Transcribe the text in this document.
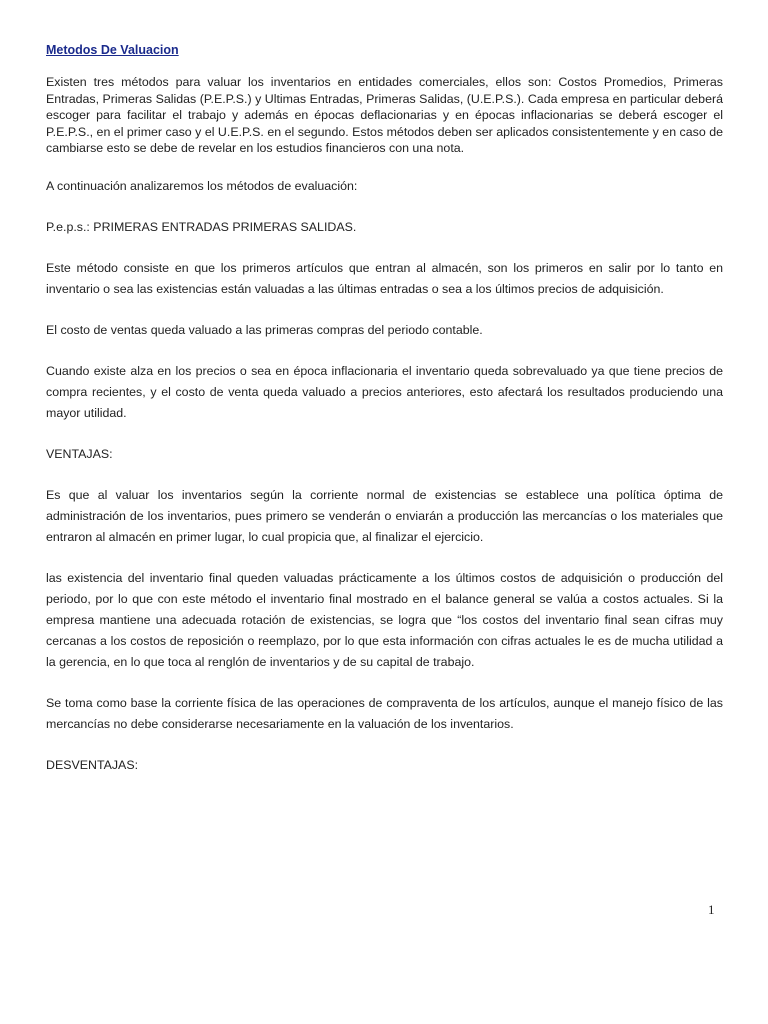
Metodos De Valuacion

Existen tres métodos para valuar los inventarios en entidades comerciales, ellos son: Costos Promedios, Primeras Entradas, Primeras Salidas (P.E.P.S.) y Ultimas Entradas, Primeras Salidas, (U.E.P.S.). Cada empresa en particular deberá escoger para facilitar el trabajo y además en épocas deflacionarias y en épocas inflacionarias se deberá escoger el P.E.P.S., en el primer caso y el U.E.P.S. en el segundo. Estos métodos deben ser aplicados consistentemente y en caso de cambiarse esto se debe de revelar en los estudios financieros con una nota.

A continuación analizaremos los métodos de evaluación:

P.e.p.s.: PRIMERAS ENTRADAS PRIMERAS SALIDAS.

Este método consiste en que los primeros artículos que entran al almacén, son los primeros en salir por lo tanto en inventario o sea las existencias están valuadas a las últimas entradas o sea a los últimos precios de adquisición.

El costo de ventas queda valuado a las primeras compras del periodo contable.

Cuando existe alza en los precios o sea en época inflacionaria el inventario queda sobrevaluado ya que tiene precios de compra recientes, y el costo de venta queda valuado a precios anteriores, esto afectará los resultados produciendo una mayor utilidad.

VENTAJAS:

Es que al valuar los inventarios según la corriente normal de existencias se establece una política óptima de administración de los inventarios, pues primero se venderán o enviarán a producción las mercancías o los materiales que entraron al almacén en primer lugar, lo cual propicia que, al finalizar el ejercicio.

las existencia del inventario final queden valuadas prácticamente a los últimos costos de adquisición o producción del periodo, por lo que con este método el inventario final mostrado en el balance general se valúa a costos actuales. Si la empresa mantiene una adecuada rotación de existencias, se logra que “los costos del inventario final sean cifras muy cercanas a los costos de reposición o reemplazo, por lo que esta información con cifras actuales le es de mucha utilidad a la gerencia, en lo que toca al renglón de inventarios y de su capital de trabajo.

Se toma como base la corriente física de las operaciones de compraventa de los artículos, aunque el manejo físico de las mercancías no debe considerarse necesariamente en la valuación de los inventarios.

DESVENTAJAS:

1
